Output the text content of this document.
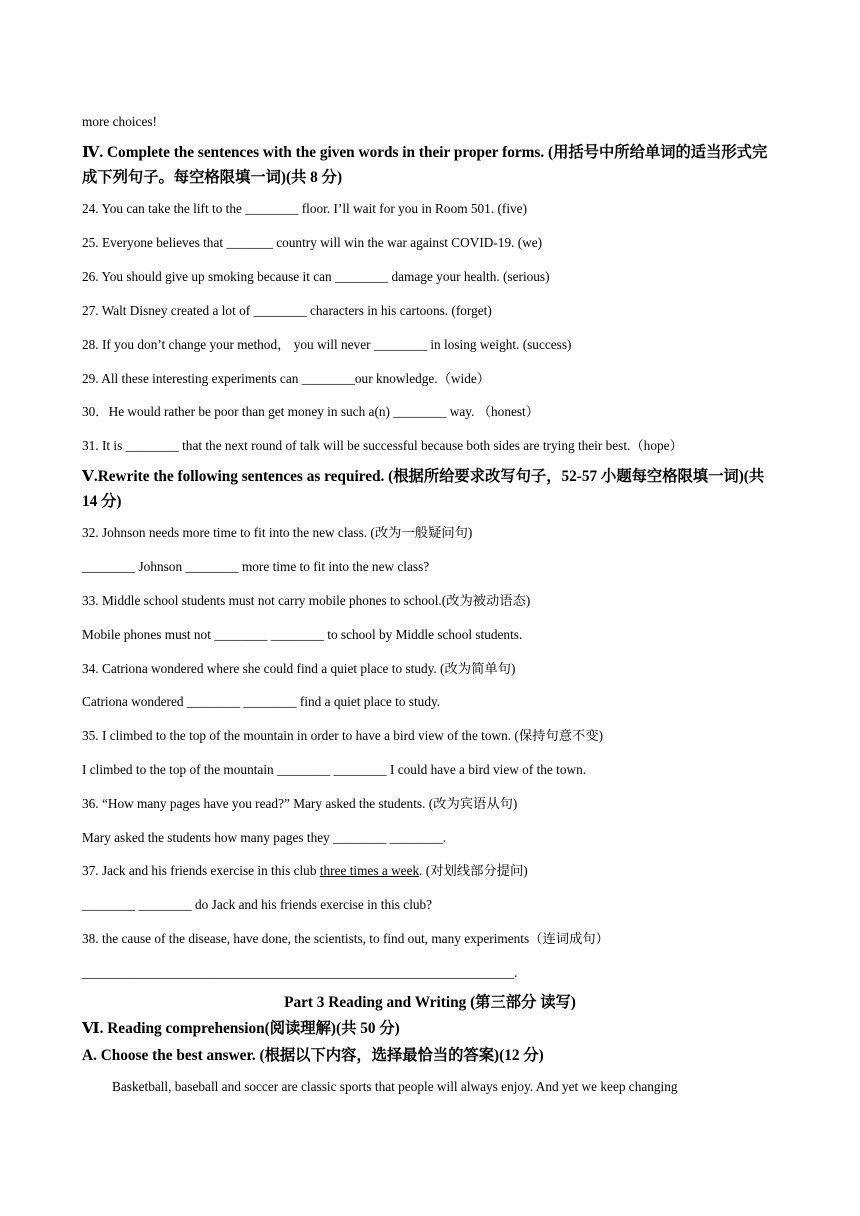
more choices!
Ⅳ. Complete the sentences with the given words in their proper forms. (用括号中所给单词的适当形式完成下列句子。每空格限填一词)(共 8 分)
24. You can take the lift to the ________ floor. I’ll wait for you in Room 501. (five)
25. Everyone believes that _______ country will win the war against COVID-19. (we)
26. You should give up smoking because it can ________ damage your health. (serious)
27. Walt Disney created a lot of ________ characters in his cartoons. (forget)
28. If you don’t change your method， you will never ________ in losing weight. (success)
29. All these interesting experiments can ________our knowledge.（wide）
30．He would rather be poor than get money in such a(n) ________ way. （honest）
31. It is ________ that the next round of talk will be successful because both sides are trying their best.（hope）
Ⅴ.Rewrite the following sentences as required. (根据所给要求改写句子，52-57 小题每空格限填一词)(共 14 分)
32. Johnson needs more time to fit into the new class. (改为一般疑问句)
________ Johnson ________ more time to fit into the new class?
33. Middle school students must not carry mobile phones to school.(改为被动语态)
Mobile phones must not ________ ________ to school by Middle school students.
34. Catriona wondered where she could find a quiet place to study. (改为简单句)
Catriona wondered ________ ________ find a quiet place to study.
35. I climbed to the top of the mountain in order to have a bird view of the town. (保持句意不变)
I climbed to the top of the mountain ________ ________ I could have a bird view of the town.
36. “How many pages have you read?” Mary asked the students. (改为宾语从句)
Mary asked the students how many pages they ________ ________.
37. Jack and his friends exercise in this club three times a week. (对划线部分提问)
________ ________ do Jack and his friends exercise in this club?
38. the cause of the disease, have done, the scientists, to find out, many experiments（连词成句）
_________________________________________________________________.
Part 3 Reading and Writing (第三部分 读写)
Ⅵ. Reading comprehension(阅读理解)(共 50 分)
A. Choose the best answer. (根据以下内容，选择最恰当的答案)(12 分)
Basketball, baseball and soccer are classic sports that people will always enjoy. And yet we keep changing
